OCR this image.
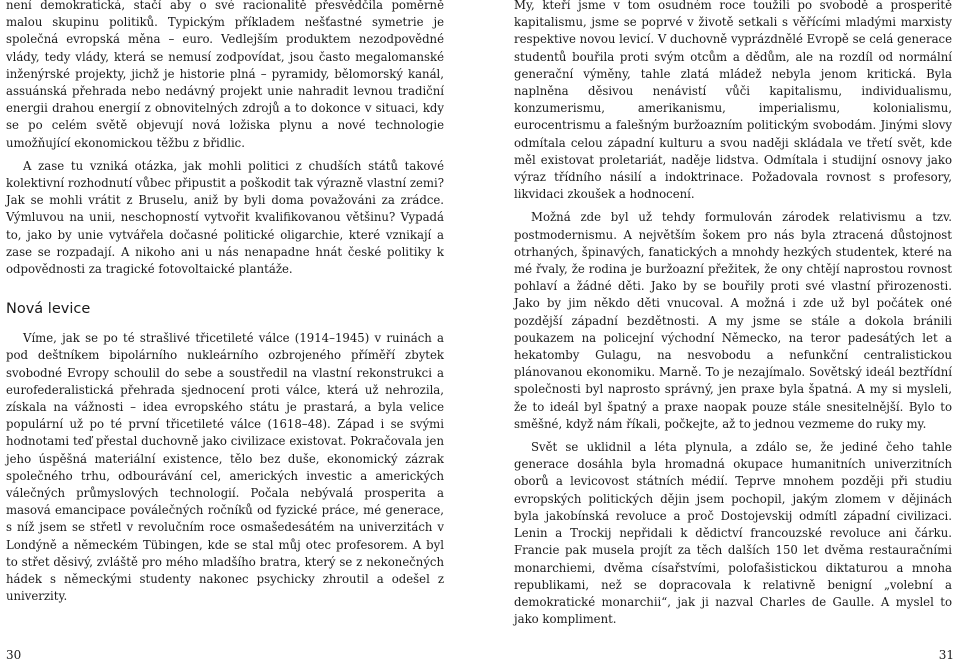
není demokratická, stačí aby o své racionalitě přesvědčila poměrně malou skupinu politiků. Typickým příkladem nešťastné symetrie je společná evropská měna – euro. Vedlejším produktem nezodpovědné vlády, tedy vlády, která se nemusí zodpovídat, jsou často megalomanské inženýrské projekty, jichž je historie plná – pyramidy, bělomorský kanál, assuánská přehrada nebo nedávný projekt unie nahradit levnou tradiční energii drahou energií z obnovitelných zdrojů a to dokonce v situaci, kdy se po celém světě objevují nová ložiska plynu a nové technologie umožňující ekonomickou těžbu z břidlic.

A zase tu vzniká otázka, jak mohli politici z chudších států takové kolektivní rozhodnutí vůbec připustit a poškodit tak výrazně vlastní zemi? Jak se mohli vrátit z Bruselu, aniž by byli doma považováni za zrádce. Výmluvou na unii, neschopností vytvořit kvalifikovanou většinu? Vypadá to, jako by unie vytvářela dočasné politické oligarchie, které vznikají a zase se rozpadají. A nikoho ani u nás nenapadne hnát české politiky k odpovědnosti za tragické fotovoltaické plantáže.

Nová levice

Víme, jak se po té strašlivé třicetileté válce (1914–1945) v ruinách a pod deštníkem bipolárního nukleárního ozbrojeného příměří zbytek svobodné Evropy schoulil do sebe a soustředil na vlastní rekonstrukci a eurofederalistická přehrada sjednocení proti válce, která už nehrozila, získala na vážnosti – idea evropského státu je prastará, a byla velice populární už po té první třicetileté válce (1618–48). Západ i se svými hodnotami teď přestal duchovně jako civilizace existovat. Pokračovala jen jeho úspěšná materiální existence, tělo bez duše, ekonomický zázrak společného trhu, odbourávání cel, amerických investic a amerických válečných průmyslových technologií. Počala nebývalá prosperita a masová emancipace poválečných ročníků od fyzické práce, mé generace, s níž jsem se střetl v revolučním roce osmašedesátém na univerzitách v Londýně a německém Tübingen, kde se stal můj otec profesorem. A byl to střet děsivý, zvláště pro mého mladšího bratra, který se z nekonečných hádek s německými studenty nakonec psychicky zhroutil a odešel z univerzity.

My, kteří jsme v tom osudném roce toužili po svobodě a prosperitě kapitalismu, jsme se poprvé v životě setkali s věřícími mladými marxisty respektive novou levicí. V duchovně vyprázdnělé Evropě se celá generace studentů bouřila proti svým otcům a dědům, ale na rozdíl od normální generační výměny, tahle zlatá mládež nebyla jenom kritická. Byla naplněna děsivou nenávistí vůči kapitalismu, individualismu, konzumerismu, amerikanismu, imperialismu, kolonialismu, eurocentrismu a falešným buržoazním politickým svobodám. Jinými slovy odmítala celou západní kulturu a svou naději skládala ve třetí svět, kde měl existovat proletariát, naděje lidstva. Odmítala i studijní osnovy jako výraz třídního násilí a indoktrinace. Požadovala rovnost s profesory, likvidaci zkoušek a hodnocení.

Možná zde byl už tehdy formulován zárodek relativismu a tzv. postmodernismu. A největším šokem pro nás byla ztracená důstojnost otrhaných, špinavých, fanatických a mnohdy hezkých studentek, které na mé řvaly, že rodina je buržoazní přežitek, že ony chtějí naprostou rovnost pohlaví a žádné děti. Jako by se bouřily proti své vlastní přirozenosti. Jako by jim někdo děti vnucoval. A možná i zde už byl počátek oné pozdější západní bezdětnosti. A my jsme se stále a dokola bránili poukazem na policejní východní Německo, na teror padesátých let a hekatomby Gulagu, na nesvobodu a nefunkční centralistickou plánovanou ekonomiku. Marně. To je nezajímalo. Sovětský ideál beztřídní společnosti byl naprosto správný, jen praxe byla špatná. A my si mysleli, že to ideál byl špatný a praxe naopak pouze stále snesitelnější. Bylo to směšné, když nám říkali, počkejte, až to jednou vezmeme do ruky my.

Svět se uklidnil a léta plynula, a zdálo se, že jediné čeho tahle generace dosáhla byla hromadná okupace humanitních univerzitních oborů a levicovost státních médií. Teprve mnohem později při studiu evropských politických dějin jsem pochopil, jakým zlomem v dějinách byla jakobínská revoluce a proč Dostojevskij odmítl západní civilizaci. Lenin a Trockij nepřidali k dědictví francouzské revoluce ani čárku. Francie pak musela projít za těch dalších 150 let dvěma restauračními monarchiemi, dvěma císařstvími, polofašistickou diktaturou a mnoha republikami, než se dopracovala k relativně benigní „volební a demokratické monarchii“, jak ji nazval Charles de Gaulle. A myslel to jako kompliment.

30	31
